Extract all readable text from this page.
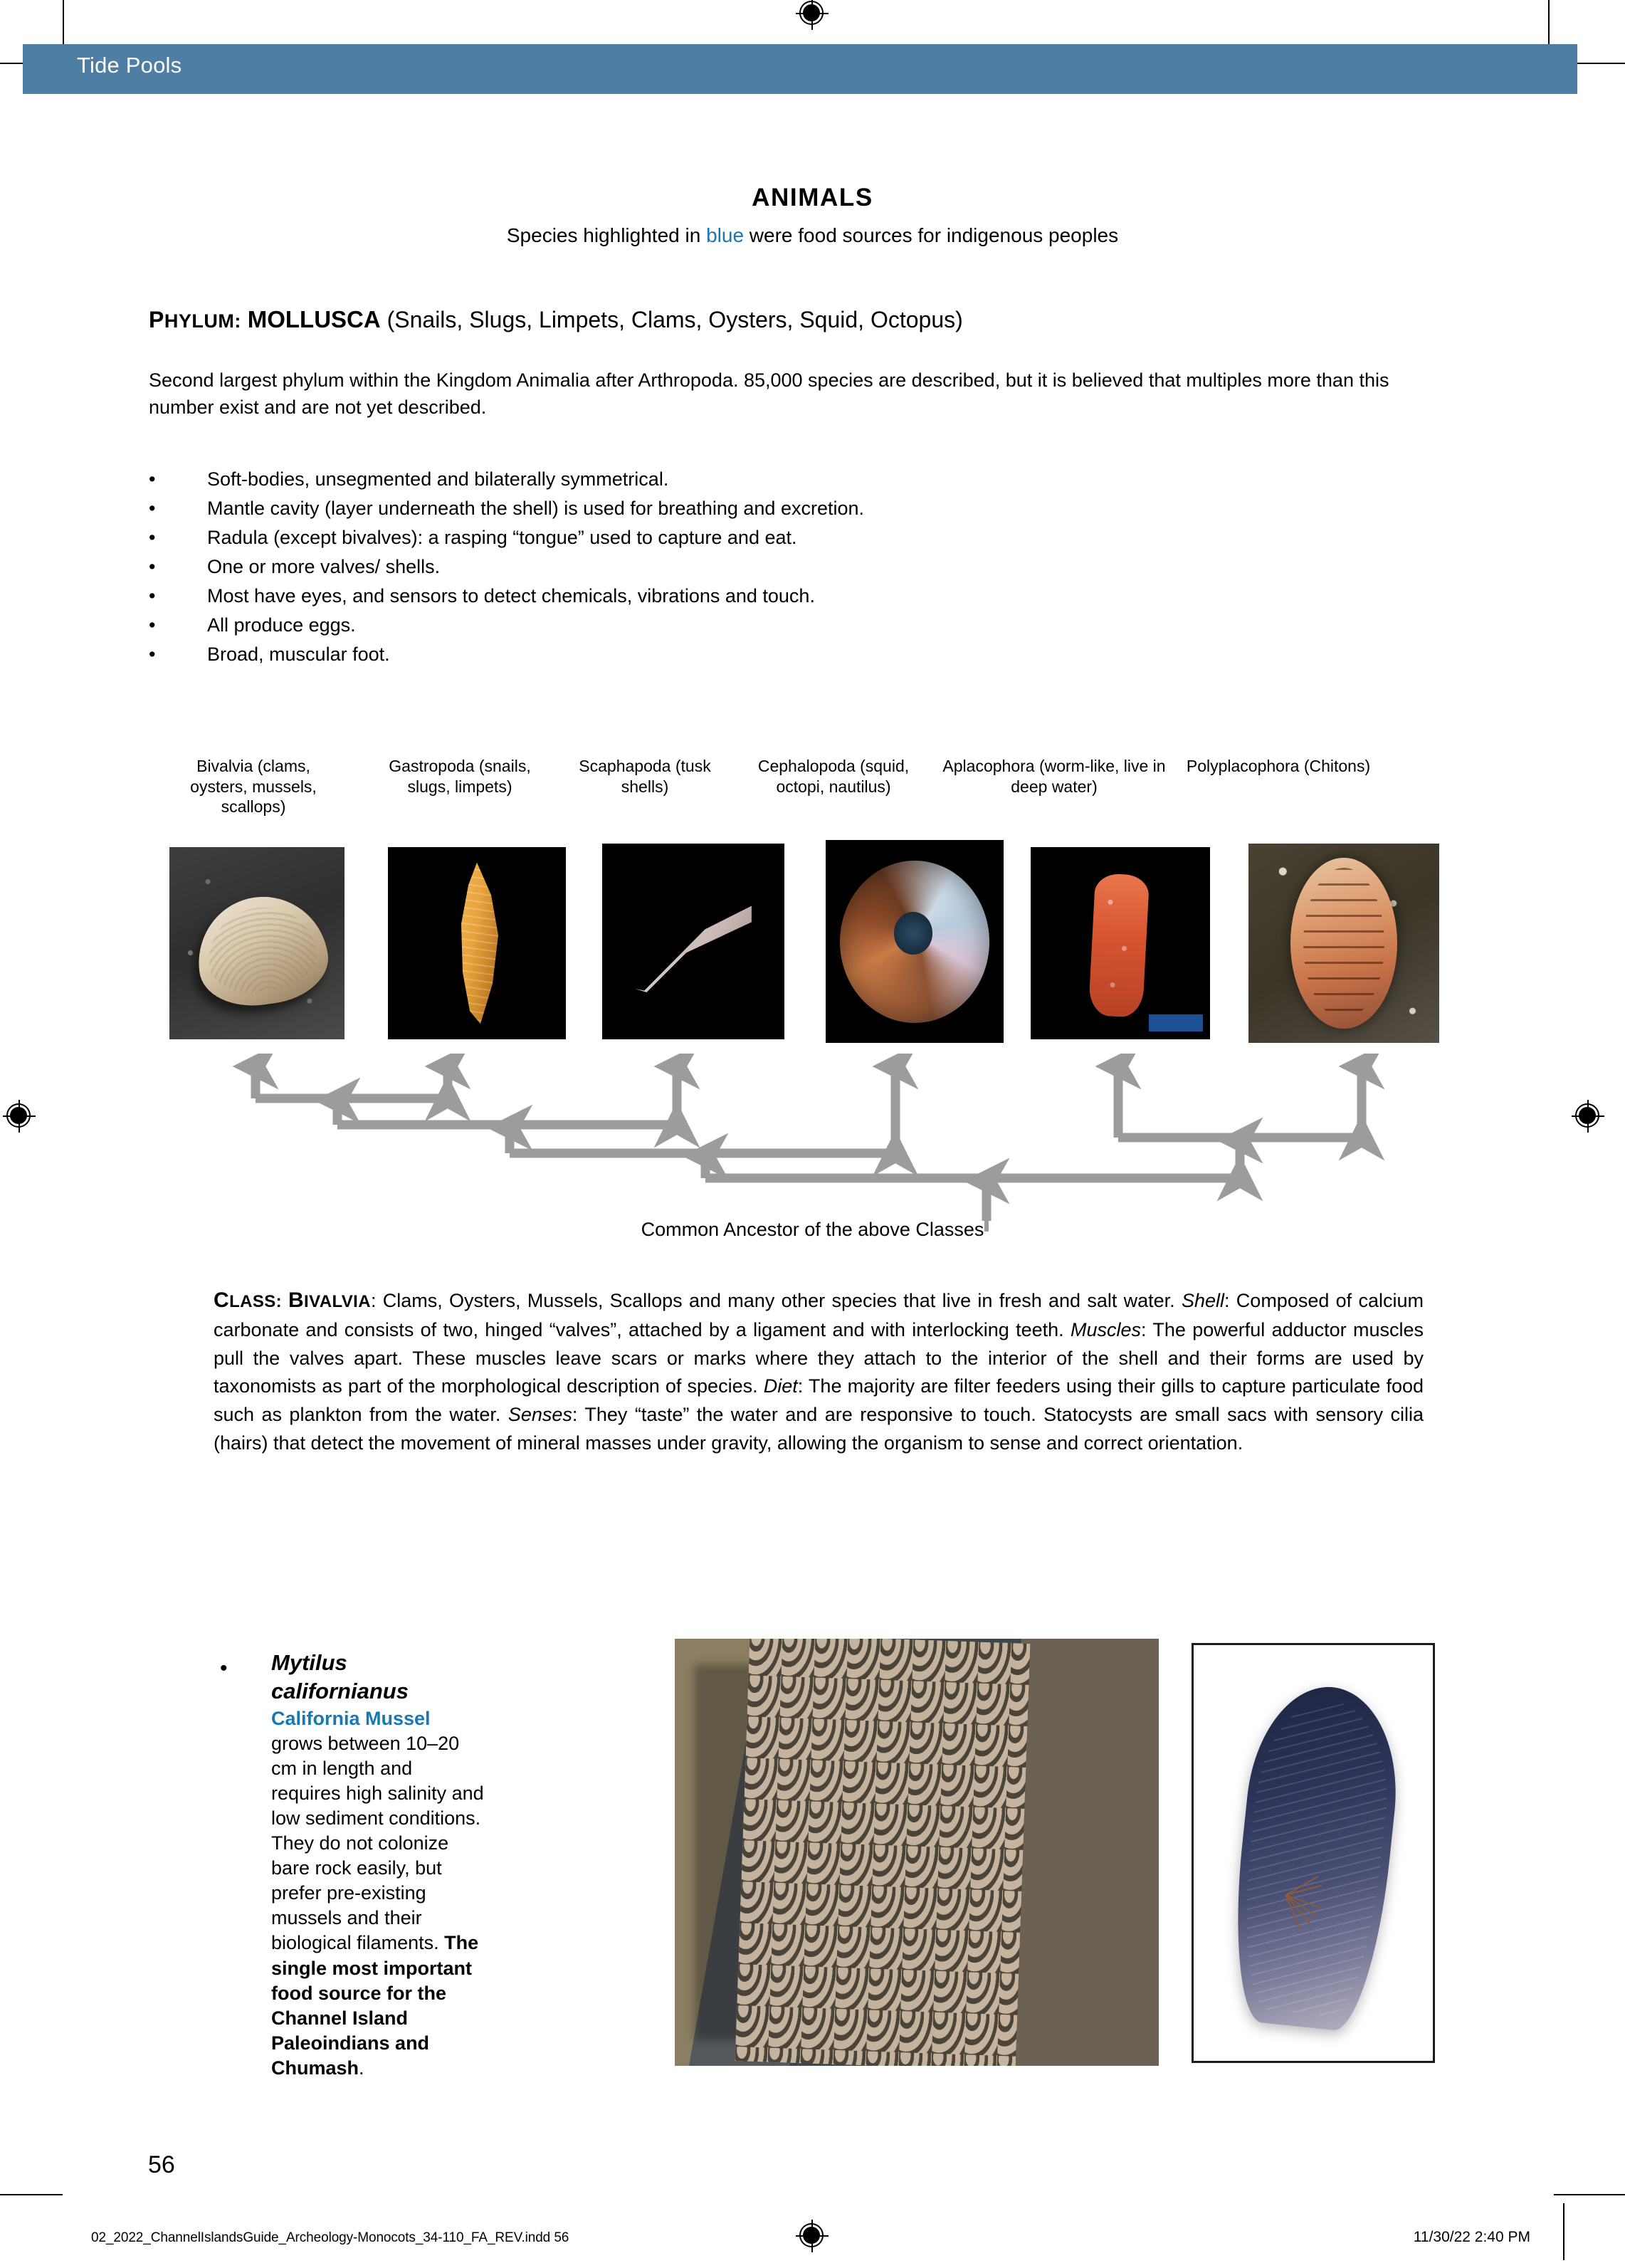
Tide Pools
ANIMALS
Species highlighted in blue were food sources for indigenous peoples
PHYLUM: MOLLUSCA (Snails, Slugs, Limpets, Clams, Oysters, Squid, Octopus)
Second largest phylum within the Kingdom Animalia after Arthropoda. 85,000 species are described, but it is believed that multiples more than this number exist and are not yet described.
•	Soft-bodies, unsegmented and bilaterally symmetrical.
•	Mantle cavity (layer underneath the shell) is used for breathing and excretion.
•	Radula (except bivalves): a rasping “tongue” used to capture and eat.
•	One or more valves/ shells.
•	Most have eyes, and sensors to detect chemicals, vibrations and touch.
•	All produce eggs.
•	Broad, muscular foot.
Bivalvia (clams, oysters, mussels, scallops)
Gastropoda (snails, slugs, limpets)
Scaphapoda (tusk shells)
Cephalopoda (squid, octopi, nautilus)
Aplacophora (worm-like, live in deep water)
Polyplacophora (Chitons)
Common Ancestor of the above Classes
CLASS: BIVALVIA: Clams, Oysters, Mussels, Scallops and many other species that live in fresh and salt water. Shell: Composed of calcium carbonate and consists of two, hinged “valves”, attached by a ligament and with interlocking teeth. Muscles: The powerful adductor muscles pull the valves apart. These muscles leave scars or marks where they attach to the interior of the shell and their forms are used by taxonomists as part of the morphological description of species. Diet: The majority are filter feeders using their gills to capture particulate food such as plankton from the water. Senses: They “taste” the water and are responsive to touch. Statocysts are small sacs with sensory cilia (hairs) that detect the movement of mineral masses under gravity, allowing the organism to sense and correct orientation.
• Mytilus californianus
California Mussel grows between 10–20 cm in length and requires high salinity and low sediment conditions. They do not colonize bare rock easily, but prefer pre-existing mussels and their biological filaments. The single most important food source for the Channel Island Paleoindians and Chumash.
56
02_2022_ChannelIslandsGuide_Archeology-Monocots_34-110_FA_REV.indd 56	11/30/22 2:40 PM
